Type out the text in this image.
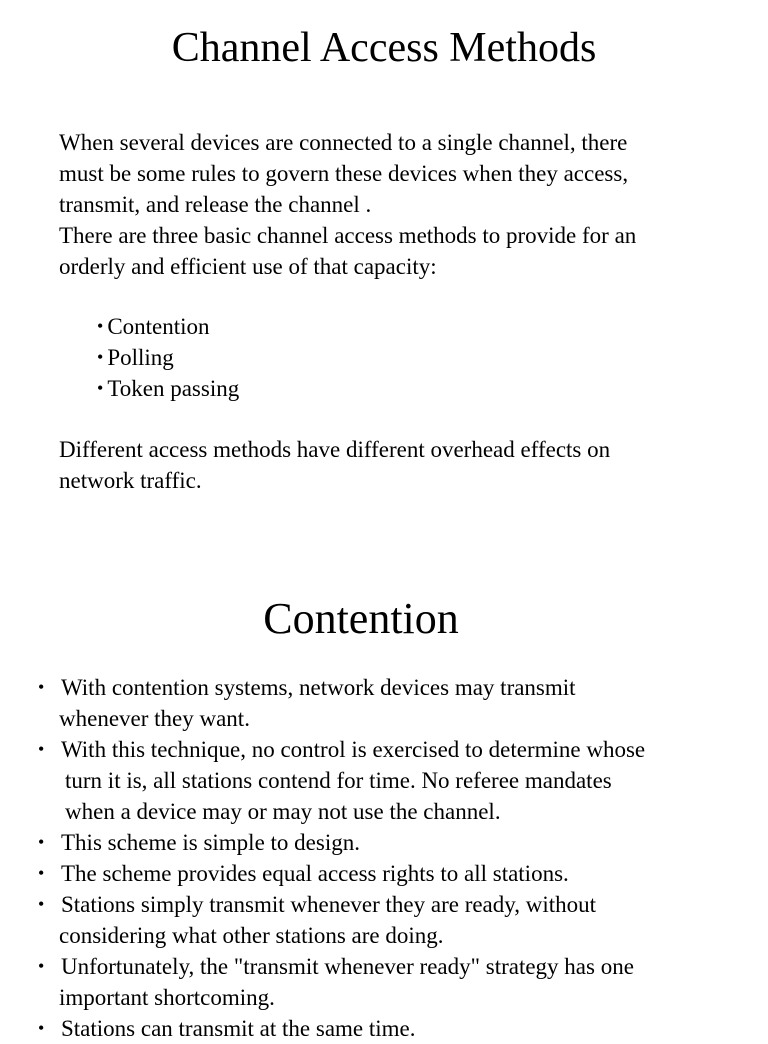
Channel Access Methods

When several devices are connected to a single channel, there
must be some rules to govern these devices when they access,
transmit, and release the channel .
There are three basic channel access methods to provide for an
orderly and efficient use of that capacity:

• Contention
• Polling
• Token passing

Different access methods have different overhead effects on
network traffic.

Contention
• With contention systems, network devices may transmit
whenever they want.
• With this technique, no control is exercised to determine whose
turn it is, all stations contend for time. No referee mandates
when a device may or may not use the channel.
• This scheme is simple to design.
• The scheme provides equal access rights to all stations.
• Stations simply transmit whenever they are ready, without
considering what other stations are doing.
• Unfortunately, the "transmit whenever ready" strategy has one
important shortcoming.
• Stations can transmit at the same time.
